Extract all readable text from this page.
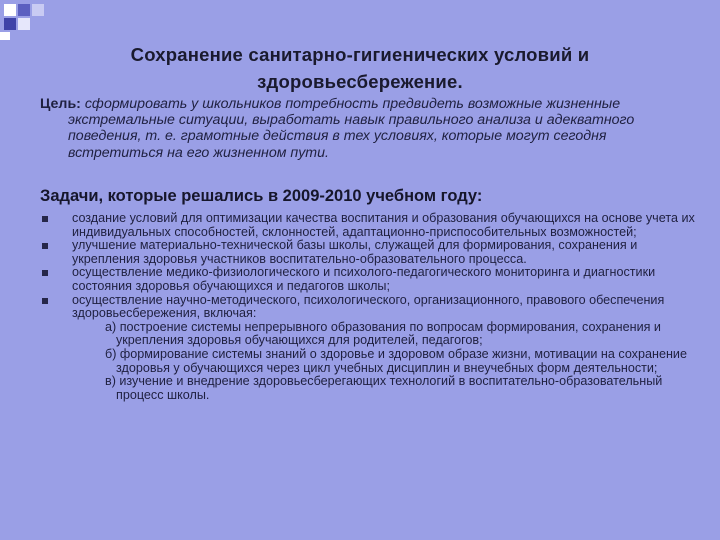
Сохранение санитарно-гигиенических условий и здоровьесбережение.
Цель: сформировать у школьников потребность предвидеть возможные жизненные экстремальные ситуации, выработать навык правильного анализа и адекватного поведения, т. е. грамотные действия в тех условиях, которые могут сегодня встретиться на его жизненном пути.
Задачи, которые решались в 2009-2010 учебном году:
создание условий для оптимизации качества воспитания и образования обучающихся на основе учета их индивидуальных способностей, склонностей, адаптационно-приспособительных возможностей;
улучшение материально-технической базы школы, служащей для формирования, сохранения и укрепления здоровья участников воспитательно-образовательного процесса.
осуществление медико-физиологического и психолого-педагогического мониторинга и диагностики состояния здоровья обучающихся и педагогов школы;
осуществление научно-методического, психологического, организационного, правового обеспечения здоровьесбережения, включая:
а) построение системы непрерывного образования по вопросам формирования, сохранения и укрепления здоровья обучающихся для родителей, педагогов;
б) формирование системы знаний о здоровье и здоровом образе жизни, мотивации на сохранение здоровья у обучающихся через цикл учебных дисциплин и внеучебных форм деятельности;
в) изучение и внедрение здоровьесберегающих технологий в воспитательно-образовательный процесс школы.
